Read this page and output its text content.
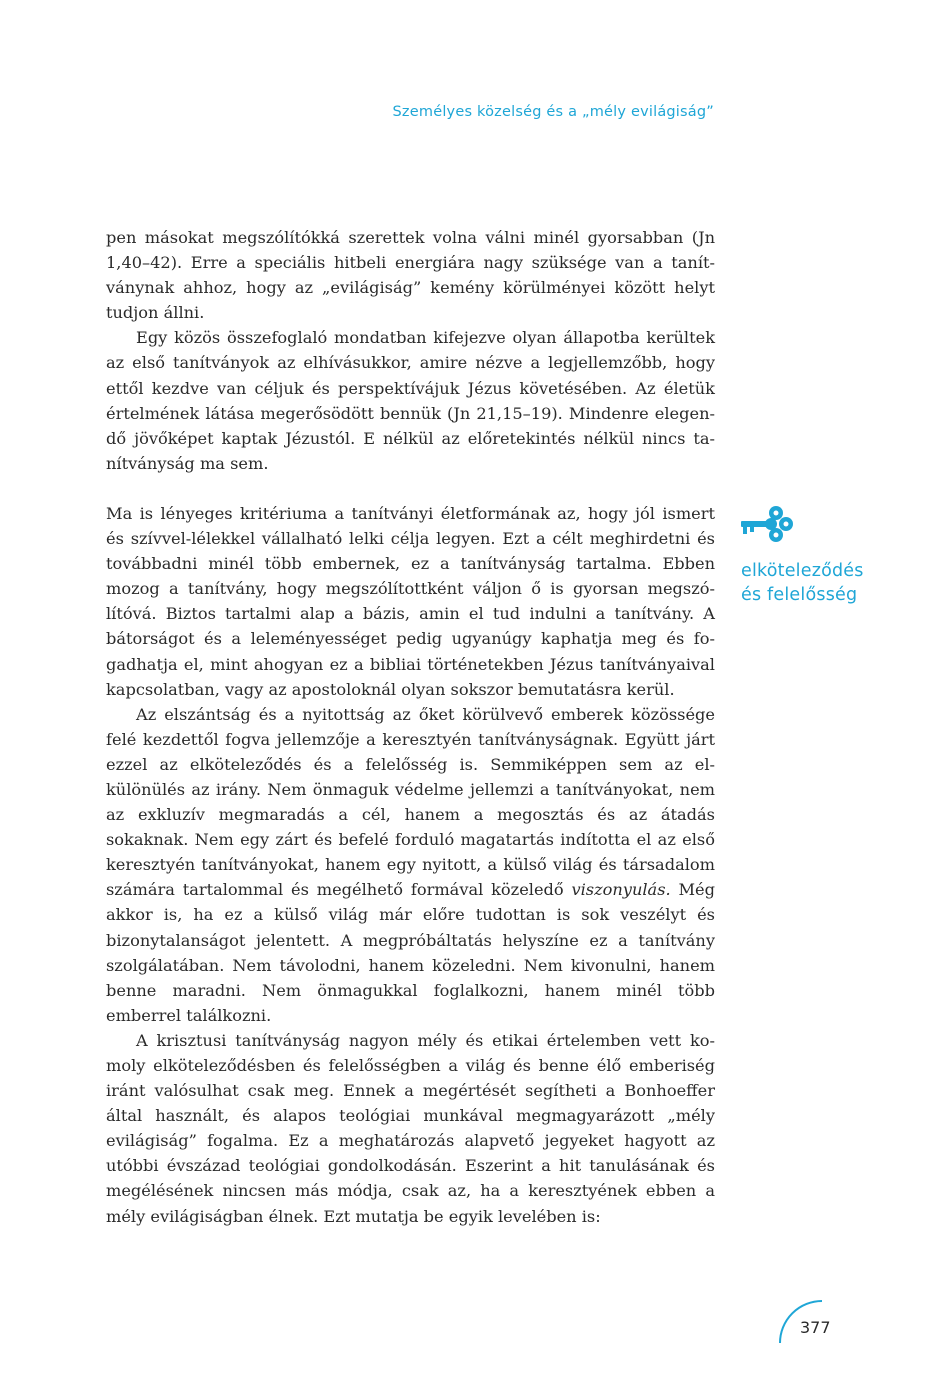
Személyes közelség és a „mély evilágiság”

pen másokat megszólítókká szerettek volna válni minél gyorsabban (Jn 1,40–42). Erre a speciális hitbeli energiára nagy szüksége van a tanítványnak ahhoz, hogy az „evilágiság” kemény körülményei között helyt tudjon állni.

Egy közös összefoglaló mondatban kifejezve olyan állapotba kerültek az első tanítványok az elhívásukkor, amire nézve a legjellemzőbb, hogy ettől kezdve van céljuk és perspektívájuk Jézus követésében. Az életük értelmének látása megerősödött bennük (Jn 21,15–19). Mindenre elegendő jövőképet kaptak Jézustól. E nélkül az előretekintés nélkül nincs tanítványság ma sem.

Ma is lényeges kritériuma a tanítványi életformának az, hogy jól ismert és szívvel-lélekkel vállalható lelki célja legyen. Ezt a célt meghirdetni és továbbadni minél több embernek, ez a tanítványság tartalma. Ebben mozog a tanítvány, hogy megszólítottként váljon ő is gyorsan megszólítóvá. Biztos tartalmi alap a bázis, amin el tud indulni a tanítvány. A bátorságot és a leleményességet pedig ugyanúgy kaphatja meg és fogadhatja el, mint ahogyan ez a bibliai történetekben Jézus tanítványaival kapcsolatban, vagy az apostoloknál olyan sokszor bemutatásra kerül.

Az elszántság és a nyitottság az őket körülvevő emberek közössége felé kezdettől fogva jellemzője a keresztyén tanítványságnak. Együtt járt ezzel az elköteleződés és a felelősség is. Semmiképpen sem az elkülönülés az irány. Nem önmaguk védelme jellemzi a tanítványokat, nem az exkluzív megmaradás a cél, hanem a megosztás és az átadás sokaknak. Nem egy zárt és befelé forduló magatartás indította el az első keresztyén tanítványokat, hanem egy nyitott, a külső világ és társadalom számára tartalommal és megélhető formával közeledő viszonyulás. Még akkor is, ha ez a külső világ már előre tudottan is sok veszélyt és bizonytalanságot jelentett. A megpróbáltatás helyszíne ez a tanítvány szolgálatában. Nem távolodni, hanem közeledni. Nem kivonulni, hanem benne maradni. Nem önmagukkal foglalkozni, hanem minél több emberrel találkozni.

A krisztusi tanítványság nagyon mély és etikai értelemben vett komoly elköteleződésben és felelősségben a világ és benne élő emberiség iránt valósulhat csak meg. Ennek a megértését segítheti a Bonhoeffer által használt, és alapos teológiai munkával megmagyarázott „mély evilágiság” fogalma. Ez a meghatározás alapvető jegyeket hagyott az utóbbi évszázad teológiai gondolkodásán. Eszerint a hit tanulásának és megélésének nincsen más módja, csak az, ha a keresztyének ebben a mély evilágiságban élnek. Ezt mutatja be egyik levelében is:

elköteleződés
és felelősség
377
